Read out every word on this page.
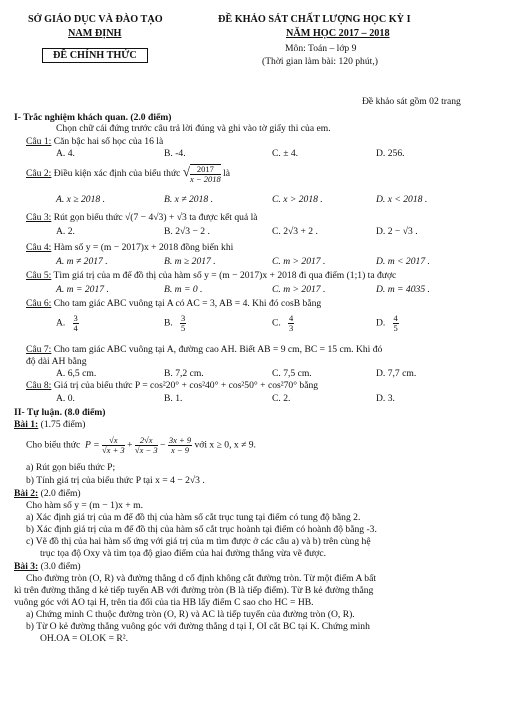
SỞ GIÁO DỤC VÀ ĐÀO TẠO
NAM ĐỊNH
ĐỀ CHÍNH THỨC
ĐỀ KHẢO SÁT CHẤT LƯỢNG HỌC KỲ I
NĂM HỌC 2017 – 2018
Môn: Toán – lớp 9
(Thời gian làm bài: 120 phút,)
Đề khảo sát gồm 02 trang
I- Trắc nghiệm khách quan. (2.0 điểm)
Chọn chữ cái đứng trước câu trả lời đúng và ghi vào tờ giấy thi của em.
Câu 1: Căn bậc hai số học của 16 là
A. 4.	B. -4.	C. ± 4.	D. 256.
Câu 2: Điều kiện xác định của biểu thức √ $\frac{2017}{x - 2018}$ là
A. x ≥ 2018 .	B. x ≠ 2018 .	C. x > 2018 .	D. x < 2018 .
Câu 3: Rút gọn biểu thức √(7 − 4√3) + √3 ta được kết quả là
A. 2.	B. 2√3 − 2 .	C. 2√3 + 2 .	D. 2 − √3 .
Câu 4: Hàm số y = (m − 2017)x + 2018 đồng biến khi
A. m ≠ 2017 .	B. m ≥ 2017 .	C. m > 2017 .	D. m < 2017 .
Câu 5: Tìm giá trị của m để đồ thị của hàm số y = (m − 2017)x + 2018 đi qua điểm (1;1) ta được
A. m = 2017 .	B. m = 0 .	C. m > 2017 .	D. m = 4035 .
Câu 6: Cho tam giác ABC vuông tại A có AC = 3, AB = 4. Khi đó cosB bằng
A. $\frac{3}{4}$	B. $\frac{3}{5}$	C. $\frac{4}{3}$	D. $\frac{4}{5}$
Câu 7: Cho tam giác ABC vuông tại A, đường cao AH. Biết AB = 9 cm, BC = 15 cm. Khi đó
độ dài AH bằng
A. 6,5 cm.	B. 7,2 cm.	C. 7,5 cm.	D. 7,7 cm.
Câu 8: Giá trị của biểu thức P = cos²20° + cos²40° + cos²50° + cos²70° bằng
A. 0.	B. 1.	C. 2.	D. 3.
II- Tự luận. (8.0 điểm)
Bài 1: (1.75 điểm)
Cho biểu thức $P = \frac{√x}{√x + 3} + \frac{2√x}{√x - 3} - \frac{3x + 9}{x - 9}$ với x ≥ 0, x ≠ 9.
a) Rút gọn biểu thức P;
b) Tính giá trị của biểu thức P tại x = 4 − 2√3 .
Bài 2: (2.0 điểm)
Cho hàm số y = (m − 1)x + m.
a) Xác định giá trị của m để đồ thị của hàm số cắt trục tung tại điểm có tung độ bằng 2.
b) Xác định giá trị của m để đồ thị của hàm số cắt trục hoành tại điểm có hoành độ bằng -3.
c) Vẽ đồ thị của hai hàm số ứng với giá trị của m tìm được ở các câu a) và b) trên cùng hệ
trục tọa độ Oxy và tìm tọa độ giao điểm của hai đường thẳng vừa vẽ được.
Bài 3: (3.0 điểm)
Cho đường tròn (O, R) và đường thẳng d cố định không cắt đường tròn. Từ một điểm A bất
kì trên đường thẳng d kẻ tiếp tuyến AB với đường tròn (B là tiếp điểm). Từ B kẻ đường thẳng
vuông góc với AO tại H, trên tia đối của tia HB lấy điểm C sao cho HC = HB.
a) Chứng minh C thuộc đường tròn (O, R) và AC là tiếp tuyến của đường tròn (O, R).
b) Từ O kẻ đường thẳng vuông góc với đường thẳng d tại I, OI cắt BC tại K. Chứng minh
OH.OA = OI.OK = R².
